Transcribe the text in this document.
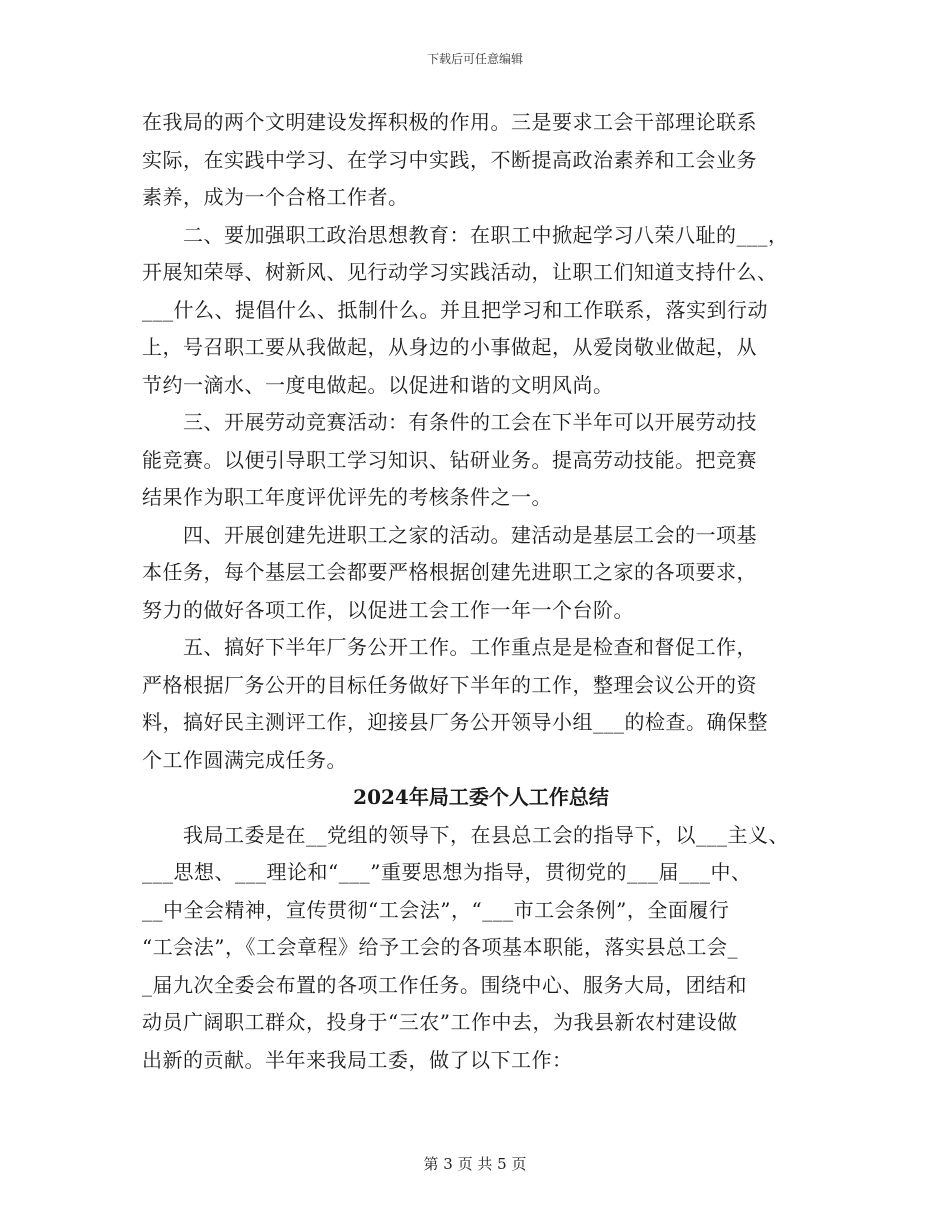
下载后可任意编辑
在我局的两个文明建设发挥积极的作用。三是要求工会干部理论联系
实际，在实践中学习、在学习中实践，不断提高政治素养和工会业务
素养，成为一个合格工作者。
二、要加强职工政治思想教育：在职工中掀起学习八荣八耻的___，
开展知荣辱、树新风、见行动学习实践活动，让职工们知道支持什么、
___什么、提倡什么、抵制什么。并且把学习和工作联系，落实到行动
上，号召职工要从我做起，从身边的小事做起，从爱岗敬业做起，从
节约一滴水、一度电做起。以促进和谐的文明风尚。
三、开展劳动竞赛活动：有条件的工会在下半年可以开展劳动技
能竞赛。以便引导职工学习知识、钻研业务。提高劳动技能。把竞赛
结果作为职工年度评优评先的考核条件之一。
四、开展创建先进职工之家的活动。建活动是基层工会的一项基
本任务，每个基层工会都要严格根据创建先进职工之家的各项要求，
努力的做好各项工作，以促进工会工作一年一个台阶。
五、搞好下半年厂务公开工作。工作重点是是检查和督促工作，
严格根据厂务公开的目标任务做好下半年的工作，整理会议公开的资
料，搞好民主测评工作，迎接县厂务公开领导小组___的检查。确保整
个工作圆满完成任务。
2024年局工委个人工作总结
我局工委是在__党组的领导下，在县总工会的指导下，以___主义、
___思想、___理论和“___”重要思想为指导，贯彻党的___届___中、
__中全会精神，宣传贯彻“工会法”，“___市工会条例”，全面履行
“工会法”，《工会章程》给予工会的各项基本职能，落实县总工会_
_届九次全委会布置的各项工作任务。围绕中心、服务大局，团结和
动员广阔职工群众，投身于“三农”工作中去，为我县新农村建设做
出新的贡献。半年来我局工委，做了以下工作：
第 3 页 共 5 页
